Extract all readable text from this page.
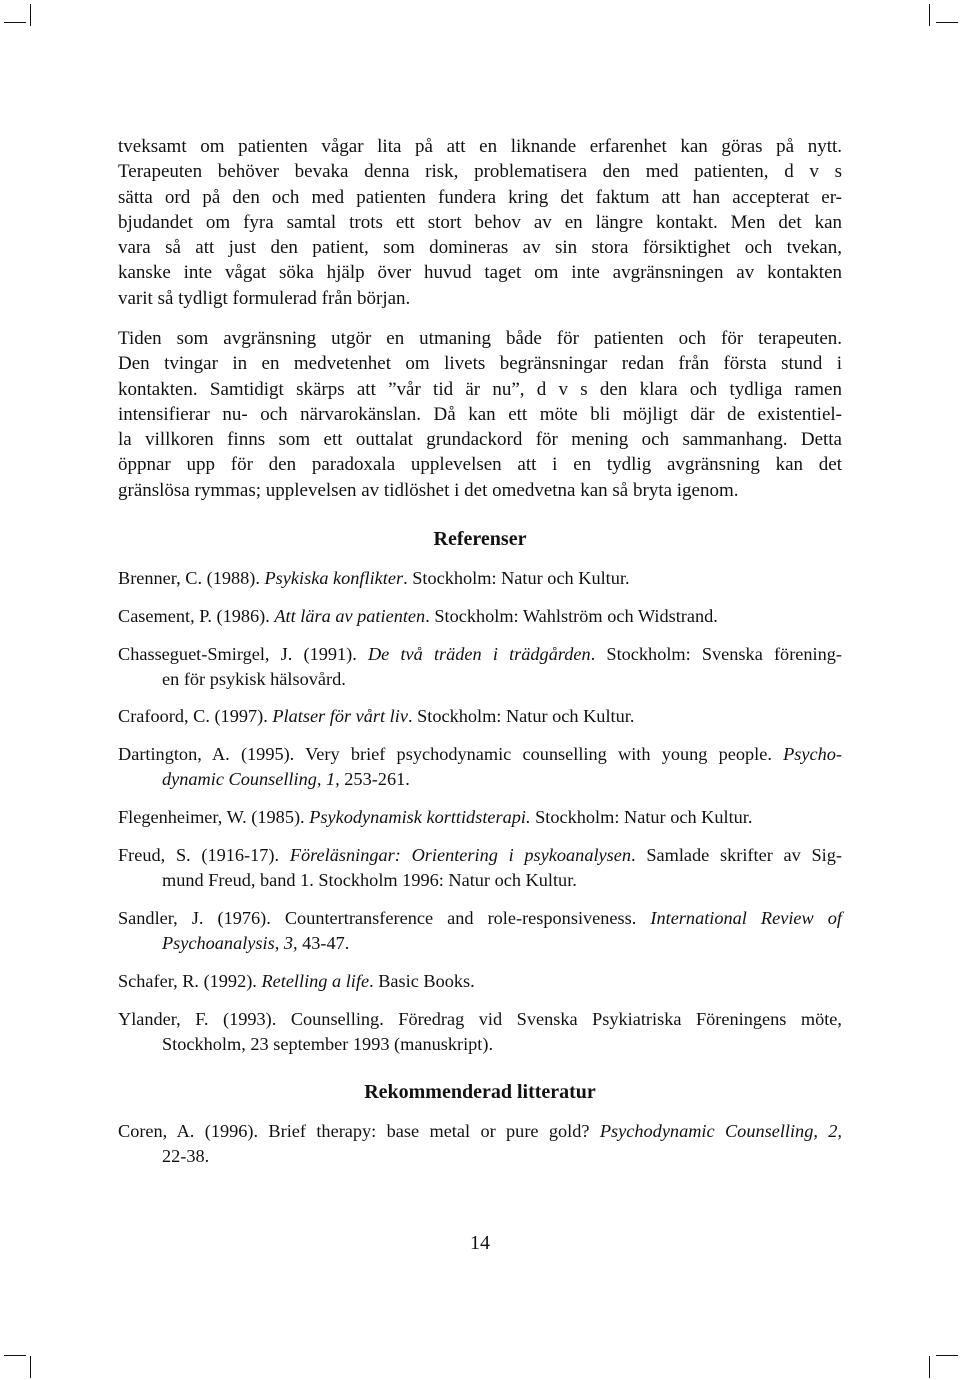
tveksamt om patienten vågar lita på att en liknande erfarenhet kan göras på nytt.
Terapeuten behöver bevaka denna risk, problematisera den med patienten, d v s
sätta ord på den och med patienten fundera kring det faktum att han accepterat er-
bjudandet om fyra samtal trots ett stort behov av en längre kontakt. Men det kan
vara så att just den patient, som domineras av sin stora försiktighet och tvekan,
kanske inte vågat söka hjälp över huvud taget om inte avgränsningen av kontakten
varit så tydligt formulerad från början.

Tiden som avgränsning utgör en utmaning både för patienten och för terapeuten.
Den tvingar in en medvetenhet om livets begränsningar redan från första stund i
kontakten. Samtidigt skärps att ”vår tid är nu”, d v s den klara och tydliga ramen
intensifierar nu- och närvarokänslan. Då kan ett möte bli möjligt där de existentiel-
la villkoren finns som ett outtalat grundackord för mening och sammanhang. Detta
öppnar upp för den paradoxala upplevelsen att i en tydlig avgränsning kan det
gränslösa rymmas; upplevelsen av tidlöshet i det omedvetna kan så bryta igenom.

Referenser

Brenner, C. (1988). Psykiska konflikter. Stockholm: Natur och Kultur.

Casement, P. (1986). Att lära av patienten. Stockholm: Wahlström och Widstrand.

Chasseguet-Smirgel, J. (1991). De två träden i trädgården. Stockholm: Svenska förening-
en för psykisk hälsovård.

Crafoord, C. (1997). Platser för vårt liv. Stockholm: Natur och Kultur.

Dartington, A. (1995). Very brief psychodynamic counselling with young people. Psycho-
dynamic Counselling, 1, 253-261.

Flegenheimer, W. (1985). Psykodynamisk korttidsterapi. Stockholm: Natur och Kultur.

Freud, S. (1916-17). Föreläsningar: Orientering i psykoanalysen. Samlade skrifter av Sig-
mund Freud, band 1. Stockholm 1996: Natur och Kultur.

Sandler, J. (1976). Countertransference and role-responsiveness. International Review of
Psychoanalysis, 3, 43-47.

Schafer, R. (1992). Retelling a life. Basic Books.

Ylander, F. (1993). Counselling. Föredrag vid Svenska Psykiatriska Föreningens möte,
Stockholm, 23 september 1993 (manuskript).

Rekommenderad litteratur

Coren, A. (1996). Brief therapy: base metal or pure gold? Psychodynamic Counselling, 2,
22-38.

14
